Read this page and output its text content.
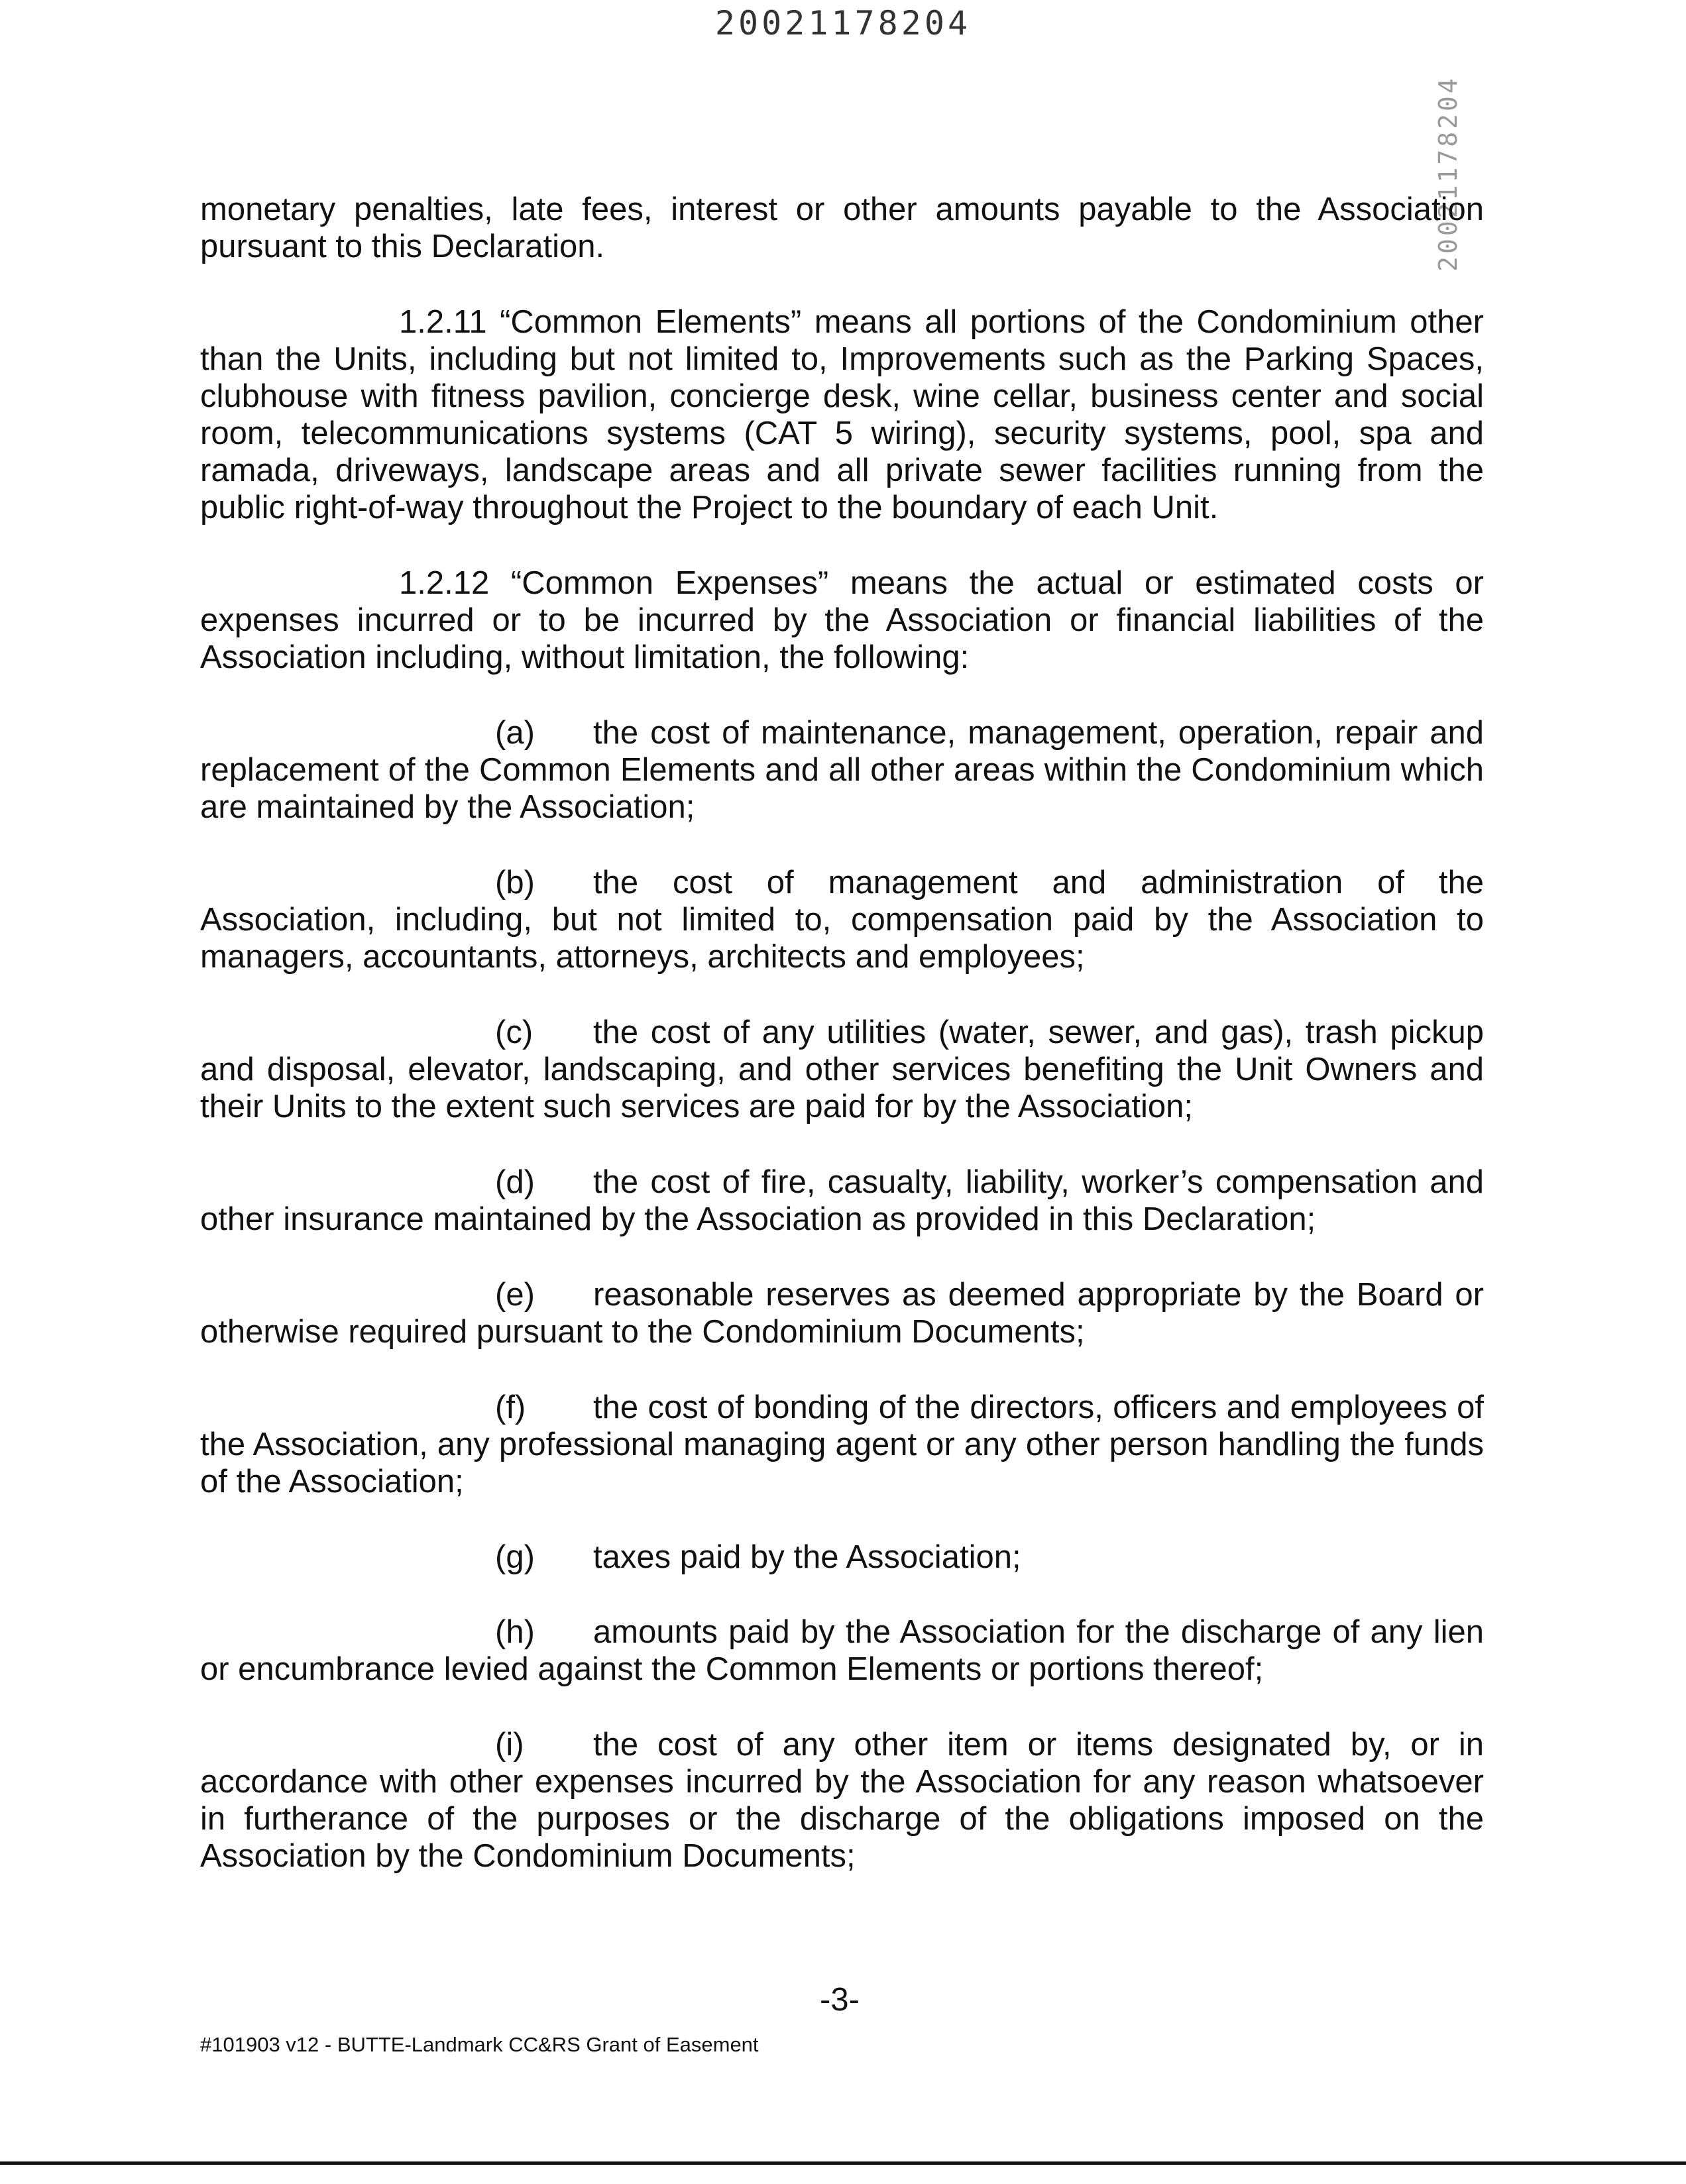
20021178204
20021178204

monetary penalties, late fees, interest or other amounts payable to the Association pursuant to this Declaration.

1.2.11 “Common Elements” means all portions of the Condominium other than the Units, including but not limited to, Improvements such as the Parking Spaces, clubhouse with fitness pavilion, concierge desk, wine cellar, business center and social room, telecommunications systems (CAT 5 wiring), security systems, pool, spa and ramada, driveways, landscape areas and all private sewer facilities running from the public right-of-way throughout the Project to the boundary of each Unit.

1.2.12 “Common Expenses” means the actual or estimated costs or expenses incurred or to be incurred by the Association or financial liabilities of the Association including, without limitation, the following:

(a) the cost of maintenance, management, operation, repair and replacement of the Common Elements and all other areas within the Condominium which are maintained by the Association;

(b) the cost of management and administration of the Association, including, but not limited to, compensation paid by the Association to managers, accountants, attorneys, architects and employees;

(c) the cost of any utilities (water, sewer, and gas), trash pickup and disposal, elevator, landscaping, and other services benefiting the Unit Owners and their Units to the extent such services are paid for by the Association;

(d) the cost of fire, casualty, liability, worker’s compensation and other insurance maintained by the Association as provided in this Declaration;

(e) reasonable reserves as deemed appropriate by the Board or otherwise required pursuant to the Condominium Documents;

(f) the cost of bonding of the directors, officers and employees of the Association, any professional managing agent or any other person handling the funds of the Association;

(g) taxes paid by the Association;

(h) amounts paid by the Association for the discharge of any lien or encumbrance levied against the Common Elements or portions thereof;

(i) the cost of any other item or items designated by, or in accordance with other expenses incurred by the Association for any reason whatsoever in furtherance of the purposes or the discharge of the obligations imposed on the Association by the Condominium Documents;

-3-
#101903 v12 - BUTTE-Landmark CC&RS Grant of Easement
